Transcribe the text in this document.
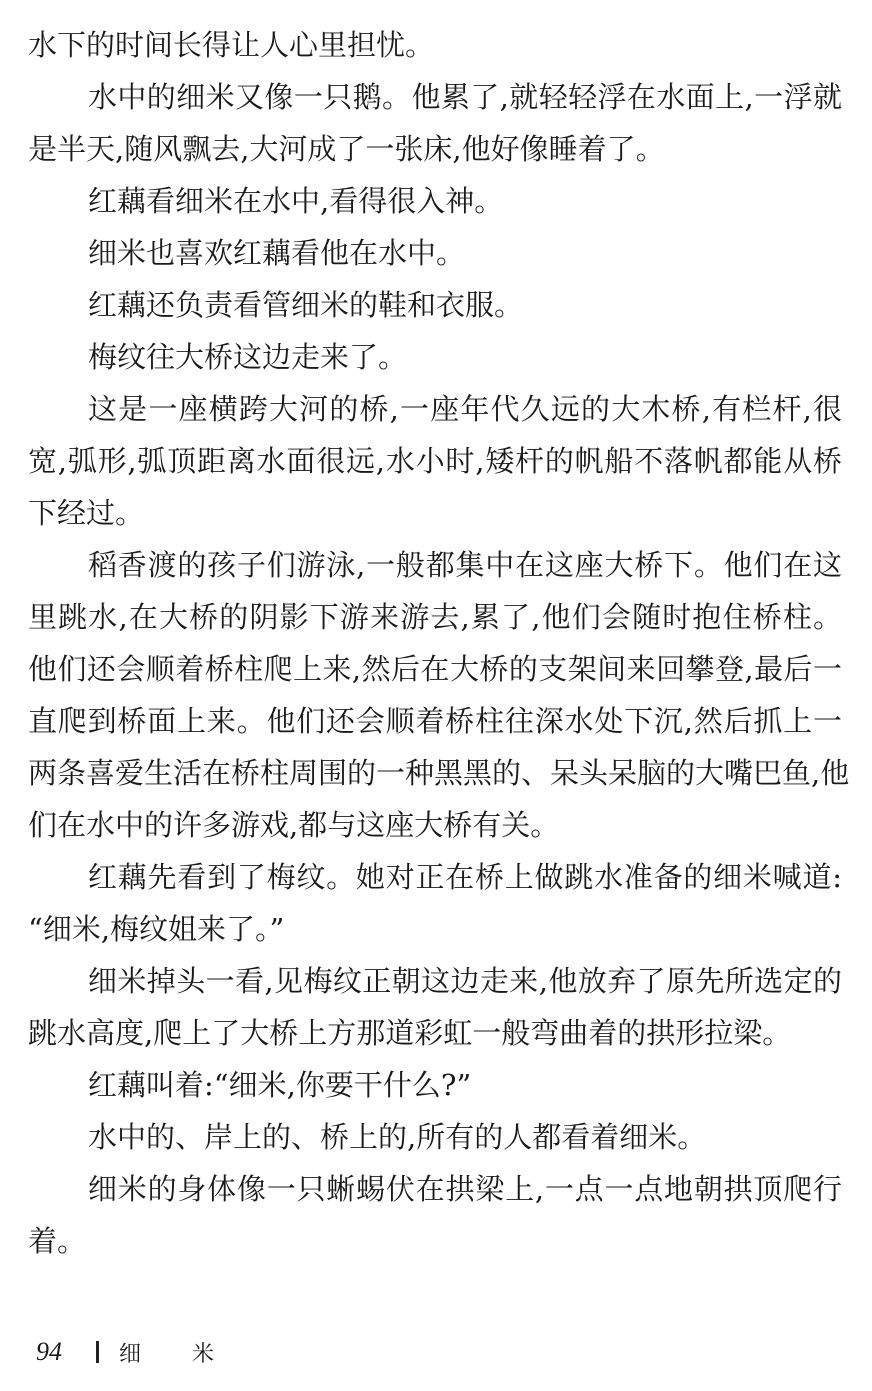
水下的时间长得让人心里担忧。
水中的细米又像一只鹅。他累了,就轻轻浮在水面上,一浮就
是半天,随风飘去,大河成了一张床,他好像睡着了。
红藕看细米在水中,看得很入神。
细米也喜欢红藕看他在水中。
红藕还负责看管细米的鞋和衣服。
梅纹往大桥这边走来了。
这是一座横跨大河的桥,一座年代久远的大木桥,有栏杆,很
宽,弧形,弧顶距离水面很远,水小时,矮杆的帆船不落帆都能从桥
下经过。
稻香渡的孩子们游泳,一般都集中在这座大桥下。他们在这
里跳水,在大桥的阴影下游来游去,累了,他们会随时抱住桥柱。
他们还会顺着桥柱爬上来,然后在大桥的支架间来回攀登,最后一
直爬到桥面上来。他们还会顺着桥柱往深水处下沉,然后抓上一
两条喜爱生活在桥柱周围的一种黑黑的、呆头呆脑的大嘴巴鱼,他
们在水中的许多游戏,都与这座大桥有关。
红藕先看到了梅纹。她对正在桥上做跳水准备的细米喊道:
“细米,梅纹姐来了。”
细米掉头一看,见梅纹正朝这边走来,他放弃了原先所选定的
跳水高度,爬上了大桥上方那道彩虹一般弯曲着的拱形拉梁。
红藕叫着:“细米,你要干什么?”
水中的、岸上的、桥上的,所有的人都看着细米。
细米的身体像一只蜥蜴伏在拱梁上,一点一点地朝拱顶爬行
着。
94	细 米
